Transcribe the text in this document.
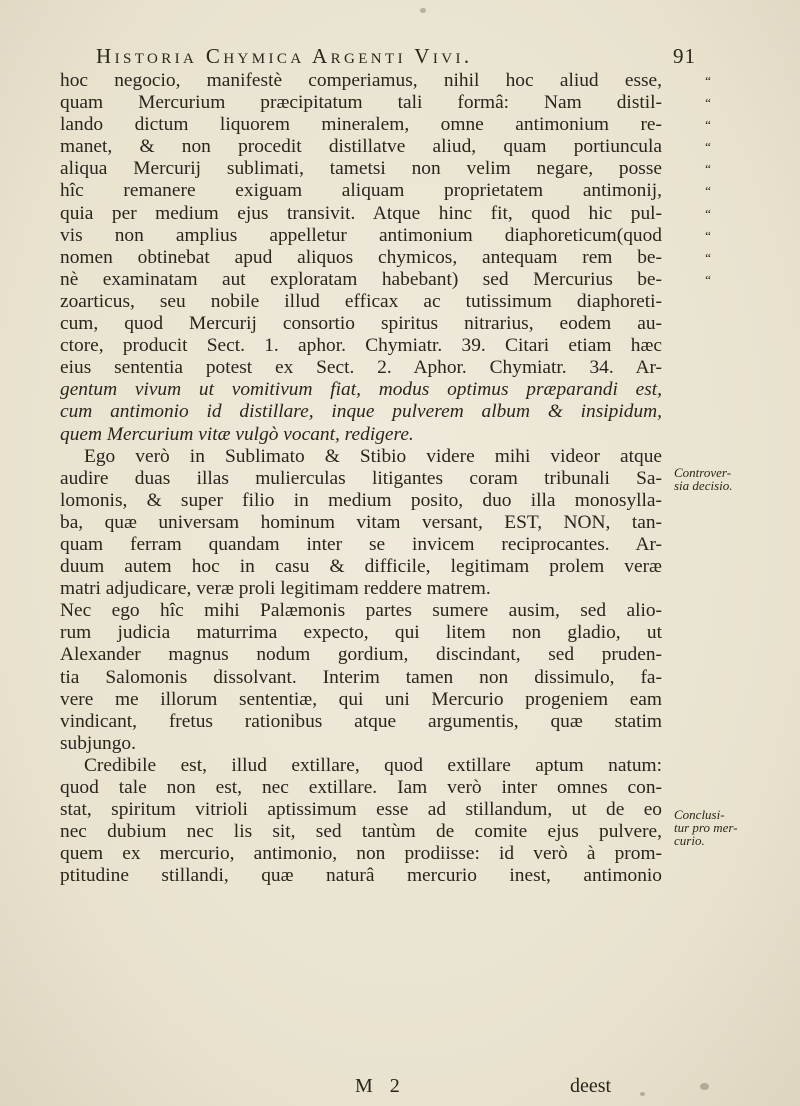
Historia Chymica Argenti Vivi.	91
hoc negocio, manifestè comperiamus, nihil hoc aliud esse,
quam Mercurium præcipitatum tali formâ: Nam distil-
lando dictum liquorem mineralem, omne antimonium re-
manet, & non procedit distillatve aliud, quam portiuncula
aliqua Mercurij sublimati, tametsi non velim negare, posse
hîc remanere exiguam aliquam proprietatem antimonij,
quia per medium ejus transivit. Atque hinc fit, quod hic pul-
vis non amplius appelletur antimonium diaphoreticum(quod
nomen obtinebat apud aliquos chymicos, antequam rem be-
nè examinatam aut exploratam habebant) sed Mercurius be-
zoarticus, seu nobile illud efficax ac tutissimum diaphoreti-
cum, quod Mercurij consortio spiritus nitrarius, eodem au-
ctore, producit Sect. 1. aphor. Chymiatr. 39. Citari etiam hæc
eius sententia potest ex Sect. 2. Aphor. Chymiatr. 34. Ar-
gentum vivum ut vomitivum fiat, modus optimus præparandi est,
cum antimonio id distillare, inque pulverem album & insipidum,
quem Mercurium vitæ vulgò vocant, redigere.
Ego verò in Sublimato & Stibio videre mihi videor atque
audire duas illas mulierculas litigantes coram tribunali Sa-
lomonis, & super filio in medium posito, duo illa monosylla-
ba, quæ universam hominum vitam versant, EST, NON, tan-
quam ferram quandam inter se invicem reciprocantes. Ar-
duum autem hoc in casu & difficile, legitimam prolem veræ
matri adjudicare, veræ proli legitimam reddere matrem.
Nec ego hîc mihi Palæmonis partes sumere ausim, sed alio-
rum judicia maturrima expecto, qui litem non gladio, ut
Alexander magnus nodum gordium, discindant, sed pruden-
tia Salomonis dissolvant. Interim tamen non dissimulo, fa-
vere me illorum sententiæ, qui uni Mercurio progeniem eam
vindicant, fretus rationibus atque argumentis, quæ statim
subjungo.
Credibile est, illud extillare, quod extillare aptum natum:
quod tale non est, nec extillare. Iam verò inter omnes con-
stat, spiritum vitrioli aptissimum esse ad stillandum, ut de eo
nec dubium nec lis sit, sed tantùm de comite ejus pulvere,
quem ex mercurio, antimonio, non prodiisse: id verò à prom-
ptitudine stillandi, quæ naturâ mercurio inest, antimonio
“
“
“
“
“
“
“
“
“
“
Controver-
sia decisio.
Conclusi-
tur pro mer-
curio.
M 2	deest
